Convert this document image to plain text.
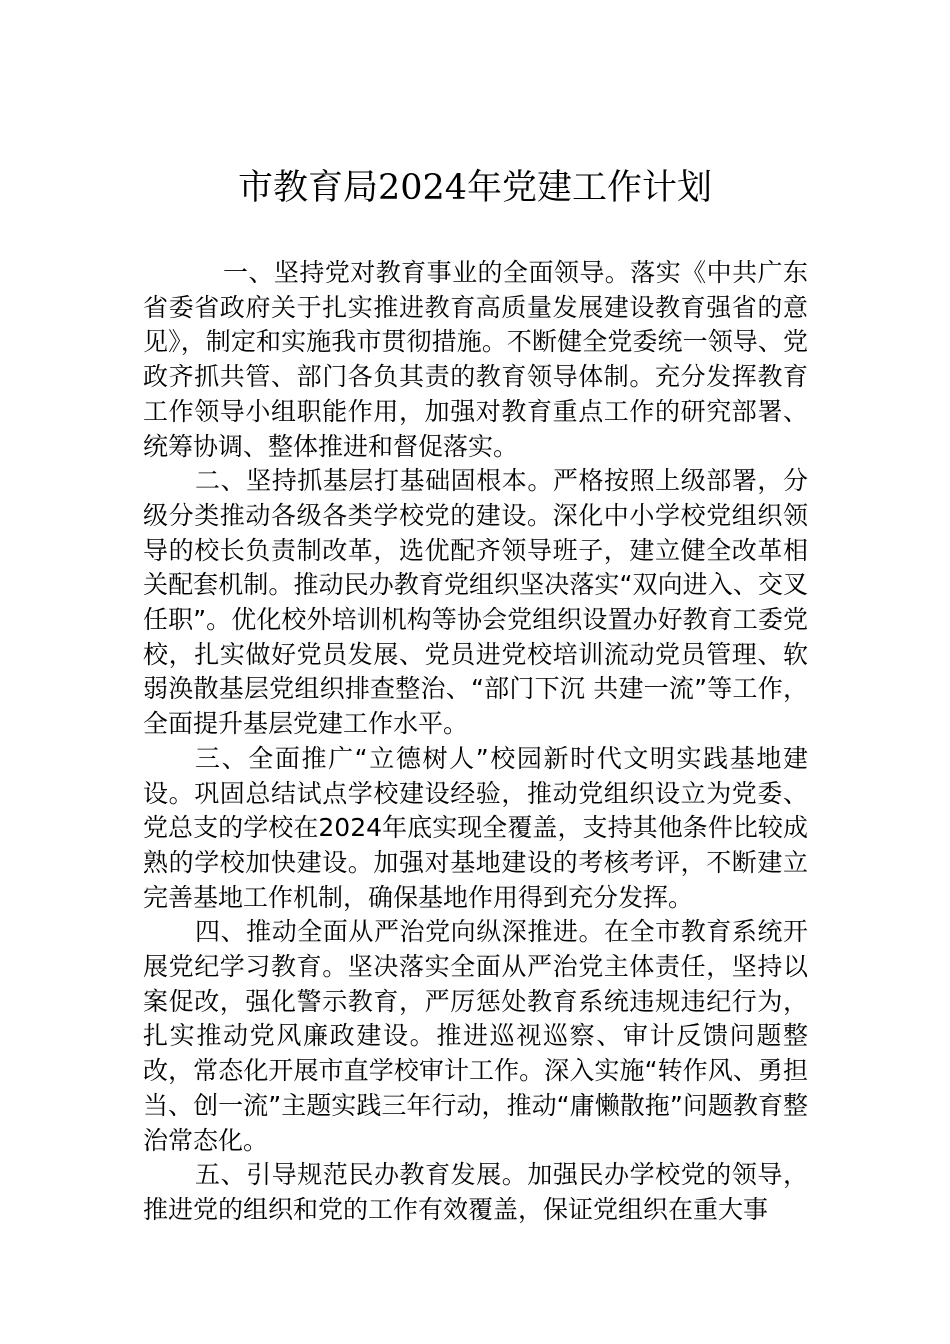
市教育局2024年党建工作计划

一、坚持党对教育事业的全面领导。落实《中共广东省委省政府关于扎实推进教育高质量发展建设教育强省的意见》，制定和实施我市贯彻措施。不断健全党委统一领导、党政齐抓共管、部门各负其责的教育领导体制。充分发挥教育工作领导小组职能作用，加强对教育重点工作的研究部署、统筹协调、整体推进和督促落实。

二、坚持抓基层打基础固根本。严格按照上级部署，分级分类推动各级各类学校党的建设。深化中小学校党组织领导的校长负责制改革，选优配齐领导班子，建立健全改革相关配套机制。推动民办教育党组织坚决落实“双向进入、交叉任职”。优化校外培训机构等协会党组织设置办好教育工委党校，扎实做好党员发展、党员进党校培训流动党员管理、软弱涣散基层党组织排查整治、“部门下沉 共建一流”等工作，全面提升基层党建工作水平。

三、全面推广“立德树人”校园新时代文明实践基地建设。巩固总结试点学校建设经验，推动党组织设立为党委、党总支的学校在2024年底实现全覆盖，支持其他条件比较成熟的学校加快建设。加强对基地建设的考核考评，不断建立完善基地工作机制，确保基地作用得到充分发挥。

四、推动全面从严治党向纵深推进。在全市教育系统开展党纪学习教育。坚决落实全面从严治党主体责任，坚持以案促改，强化警示教育，严厉惩处教育系统违规违纪行为，扎实推动党风廉政建设。推进巡视巡察、审计反馈问题整改，常态化开展市直学校审计工作。深入实施“转作风、勇担当、创一流”主题实践三年行动，推动“庸懒散拖”问题教育整治常态化。

五、引导规范民办教育发展。加强民办学校党的领导，推进党的组织和党的工作有效覆盖，保证党组织在重大事
